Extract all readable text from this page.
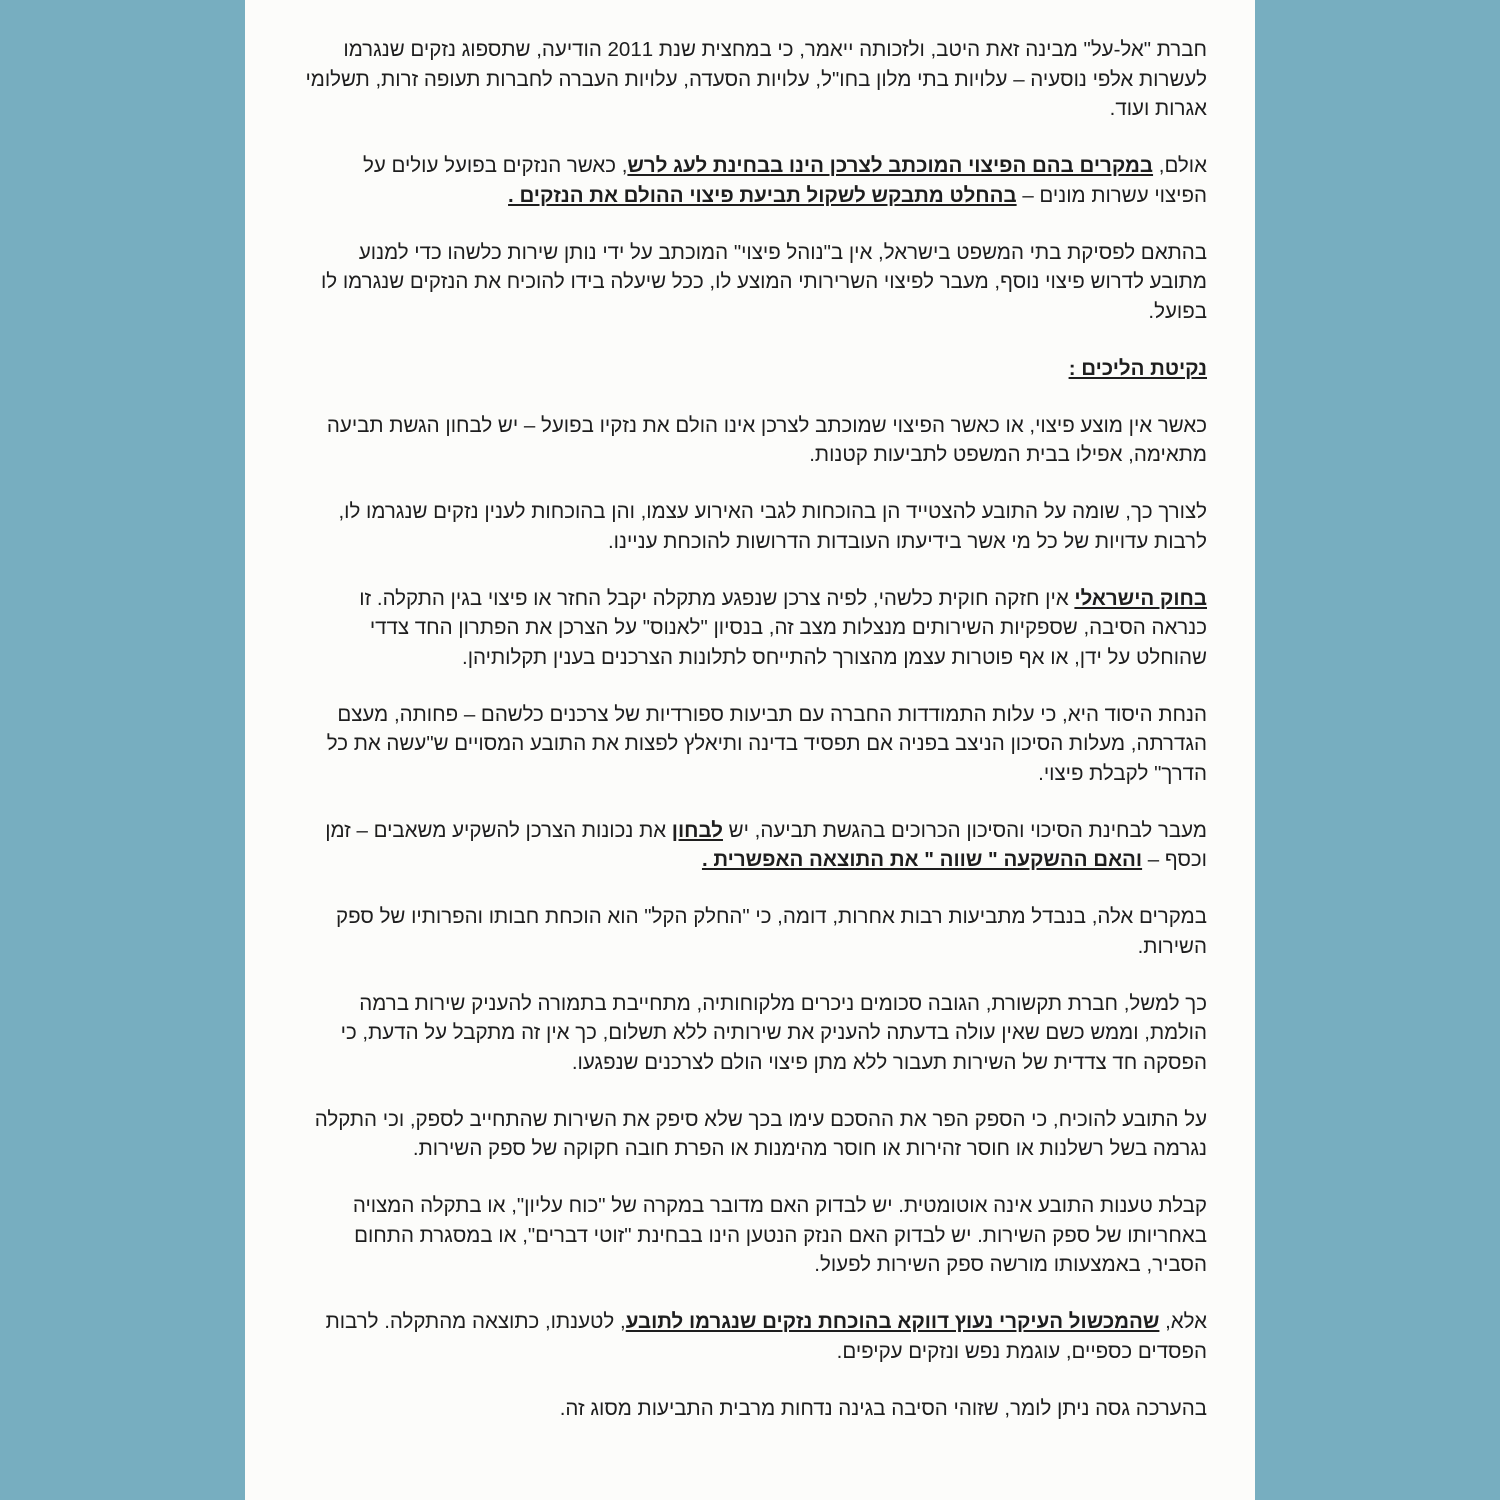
חברת "אל-על" מבינה זאת היטב, ולזכותה ייאמר, כי במחצית שנת 2011 הודיעה, שתספוג נזקים שנגרמו לעשרות אלפי נוסעיה – עלויות בתי מלון בחו"ל, עלויות הסעדה, עלויות העברה לחברות תעופה זרות, תשלומי אגרות ועוד.
אולם, במקרים בהם הפיצוי המוכתב לצרכן הינו בבחינת לעג לרש, כאשר הנזקים בפועל עולים על הפיצוי עשרות מונים – בהחלט מתבקש לשקול תביעת פיצוי ההולם את הנזקים .
בהתאם לפסיקת בתי המשפט בישראל, אין ב"נוהל פיצוי" המוכתב על ידי נותן שירות כלשהו כדי למנוע מתובע לדרוש פיצוי נוסף, מעבר לפיצוי השרירותי המוצע לו, ככל שיעלה בידו להוכיח את הנזקים שנגרמו לו בפועל.
נקיטת הליכים :
כאשר אין מוצע פיצוי, או כאשר הפיצוי שמוכתב לצרכן אינו הולם את נזקיו בפועל – יש לבחון הגשת תביעה מתאימה, אפילו בבית המשפט לתביעות קטנות.
לצורך כך, שומה על התובע להצטייד הן בהוכחות לגבי האירוע עצמו, והן בהוכחות לענין נזקים שנגרמו לו, לרבות עדויות של כל מי אשר בידיעתו העובדות הדרושות להוכחת עניינו.
בחוק הישראלי אין חזקה חוקית כלשהי, לפיה צרכן שנפגע מתקלה יקבל החזר או פיצוי בגין התקלה. זו כנראה הסיבה, שספקיות השירותים מנצלות מצב זה, בנסיון "לאנוס" על הצרכן את הפתרון החד צדדי שהוחלט על ידן, או אף פוטרות עצמן מהצורך להתייחס לתלונות הצרכנים בענין תקלותיהן.
הנחת היסוד היא, כי עלות התמודדות החברה עם תביעות ספורדיות של צרכנים כלשהם – פחותה, מעצם הגדרתה, מעלות הסיכון הניצב בפניה אם תפסיד בדינה ותיאלץ לפצות את התובע המסויים ש"עשה את כל הדרך" לקבלת פיצוי.
מעבר לבחינת הסיכוי והסיכון הכרוכים בהגשת תביעה, יש לבחון את נכונות הצרכן להשקיע משאבים – זמן וכסף – והאם ההשקעה " שווה " את התוצאה האפשרית .
במקרים אלה, בנבדל מתביעות רבות אחרות, דומה, כי "החלק הקל" הוא הוכחת חבותו והפרותיו של ספק השירות.
כך למשל, חברת תקשורת, הגובה סכומים ניכרים מלקוחותיה, מתחייבת בתמורה להעניק שירות ברמה הולמת, וממש כשם שאין עולה בדעתה להעניק את שירותיה ללא תשלום, כך אין זה מתקבל על הדעת, כי הפסקה חד צדדית של השירות תעבור ללא מתן פיצוי הולם לצרכנים שנפגעו.
על התובע להוכיח, כי הספק הפר את ההסכם עימו בכך שלא סיפק את השירות שהתחייב לספק, וכי התקלה נגרמה בשל רשלנות או חוסר זהירות או חוסר מהימנות או הפרת חובה חקוקה של ספק השירות.
קבלת טענות התובע אינה אוטומטית. יש לבדוק האם מדובר במקרה של "כוח עליון", או בתקלה המצויה באחריותו של ספק השירות. יש לבדוק האם הנזק הנטען הינו בבחינת "זוטי דברים", או במסגרת התחום הסביר, באמצעותו מורשה ספק השירות לפעול.
אלא, שהמכשול העיקרי נעוץ דווקא בהוכחת נזקים שנגרמו לתובע, לטענתו, כתוצאה מהתקלה. לרבות הפסדים כספיים, עוגמת נפש ונזקים עקיפים.
בהערכה גסה ניתן לומר, שזוהי הסיבה בגינה נדחות מרבית התביעות מסוג זה.
